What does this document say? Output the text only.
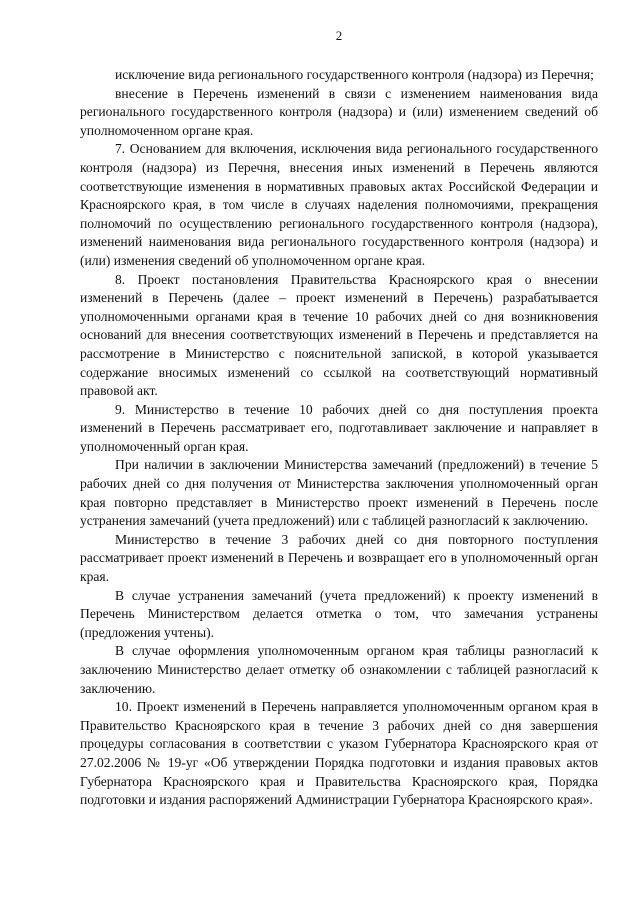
2

исключение вида регионального государственного контроля (надзора) из Перечня;

внесение в Перечень изменений в связи с изменением наименования вида регионального государственного контроля (надзора) и (или) изменением сведений об уполномоченном органе края.

7. Основанием для включения, исключения вида регионального государственного контроля (надзора) из Перечня, внесения иных изменений в Перечень являются соответствующие изменения в нормативных правовых актах Российской Федерации и Красноярского края, в том числе в случаях наделения полномочиями, прекращения полномочий по осуществлению регионального государственного контроля (надзора), изменений наименования вида регионального государственного контроля (надзора) и (или) изменения сведений об уполномоченном органе края.

8. Проект постановления Правительства Красноярского края о внесении изменений в Перечень (далее – проект изменений в Перечень) разрабатывается уполномоченными органами края в течение 10 рабочих дней со дня возникновения оснований для внесения соответствующих изменений в Перечень и представляется на рассмотрение в Министерство с пояснительной запиской, в которой указывается содержание вносимых изменений со ссылкой на соответствующий нормативный правовой акт.

9. Министерство в течение 10 рабочих дней со дня поступления проекта изменений в Перечень рассматривает его, подготавливает заключение и направляет в уполномоченный орган края.

При наличии в заключении Министерства замечаний (предложений) в течение 5 рабочих дней со дня получения от Министерства заключения уполномоченный орган края повторно представляет в Министерство проект изменений в Перечень после устранения замечаний (учета предложений) или с таблицей разногласий к заключению.

Министерство в течение 3 рабочих дней со дня повторного поступления рассматривает проект изменений в Перечень и возвращает его в уполномоченный орган края.

В случае устранения замечаний (учета предложений) к проекту изменений в Перечень Министерством делается отметка о том, что замечания устранены (предложения учтены).

В случае оформления уполномоченным органом края таблицы разногласий к заключению Министерство делает отметку об ознакомлении с таблицей разногласий к заключению.

10. Проект изменений в Перечень направляется уполномоченным органом края в Правительство Красноярского края в течение 3 рабочих дней со дня завершения процедуры согласования в соответствии с указом Губернатора Красноярского края от 27.02.2006 № 19-уг «Об утверждении Порядка подготовки и издания правовых актов Губернатора Красноярского края и Правительства Красноярского края, Порядка подготовки и издания распоряжений Администрации Губернатора Красноярского края».
